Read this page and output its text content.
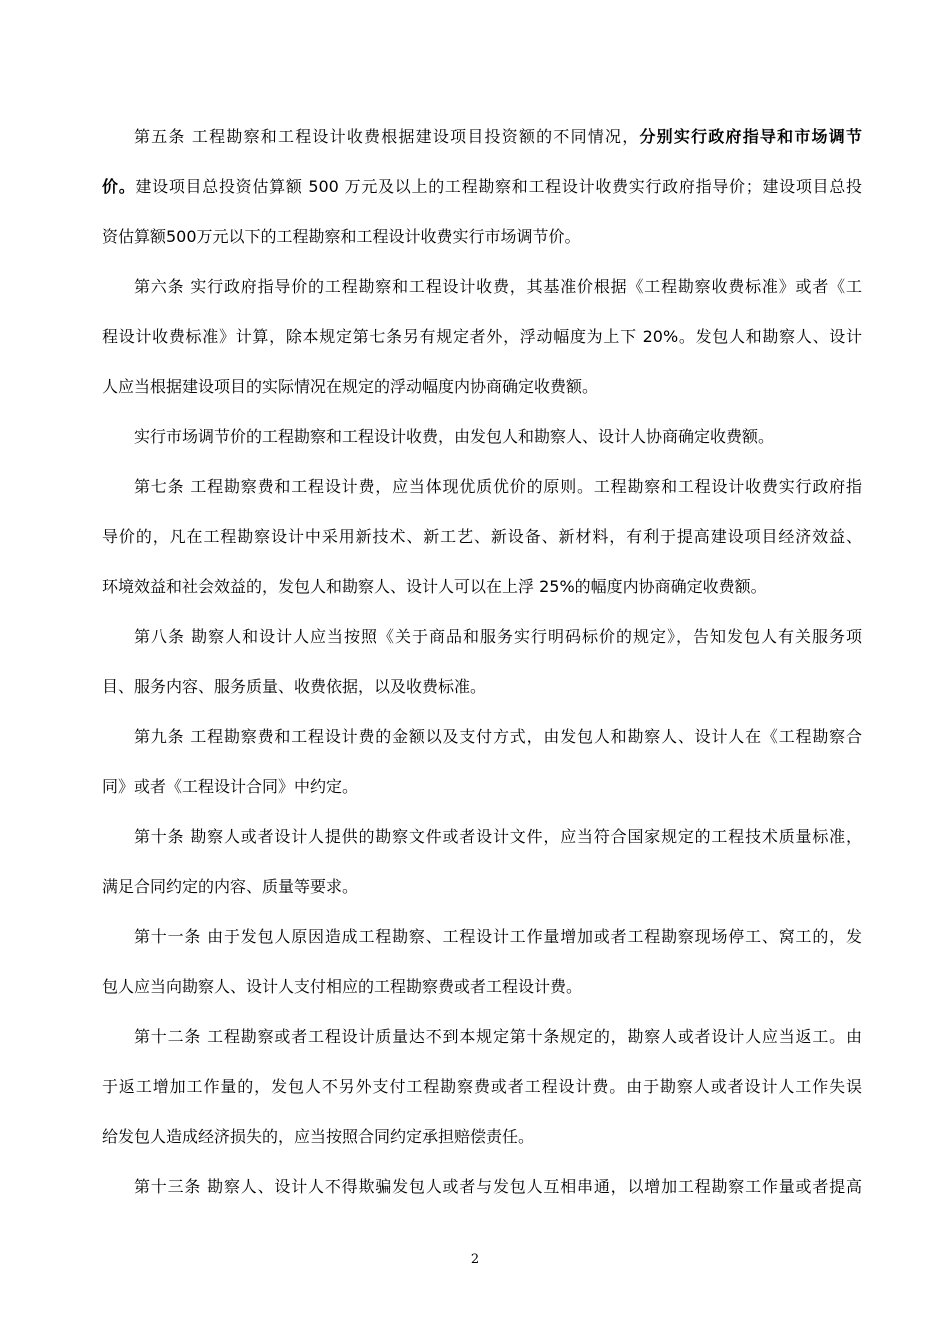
第五条 工程勘察和工程设计收费根据建设项目投资额的不同情况，分别实行政府指导和市场调节
价。建设项目总投资估算额 500 万元及以上的工程勘察和工程设计收费实行政府指导价；建设项目总投
资估算额500万元以下的工程勘察和工程设计收费实行市场调节价。
第六条 实行政府指导价的工程勘察和工程设计收费，其基准价根据《工程勘察收费标准》或者《工
程设计收费标准》计算，除本规定第七条另有规定者外，浮动幅度为上下 20%。发包人和勘察人、设计
人应当根据建设项目的实际情况在规定的浮动幅度内协商确定收费额。
实行市场调节价的工程勘察和工程设计收费，由发包人和勘察人、设计人协商确定收费额。
第七条 工程勘察费和工程设计费，应当体现优质优价的原则。工程勘察和工程设计收费实行政府指
导价的，凡在工程勘察设计中采用新技术、新工艺、新设备、新材料，有利于提高建设项目经济效益、
环境效益和社会效益的，发包人和勘察人、设计人可以在上浮 25%的幅度内协商确定收费额。
第八条 勘察人和设计人应当按照《关于商品和服务实行明码标价的规定》，告知发包人有关服务项
目、服务内容、服务质量、收费依据，以及收费标准。
第九条 工程勘察费和工程设计费的金额以及支付方式，由发包人和勘察人、设计人在《工程勘察合
同》或者《工程设计合同》中约定。
第十条 勘察人或者设计人提供的勘察文件或者设计文件，应当符合国家规定的工程技术质量标准，
满足合同约定的内容、质量等要求。
第十一条 由于发包人原因造成工程勘察、工程设计工作量增加或者工程勘察现场停工、窝工的，发
包人应当向勘察人、设计人支付相应的工程勘察费或者工程设计费。
第十二条 工程勘察或者工程设计质量达不到本规定第十条规定的，勘察人或者设计人应当返工。由
于返工增加工作量的，发包人不另外支付工程勘察费或者工程设计费。由于勘察人或者设计人工作失误
给发包人造成经济损失的，应当按照合同约定承担赔偿责任。
第十三条 勘察人、设计人不得欺骗发包人或者与发包人互相串通，以增加工程勘察工作量或者提高
2
